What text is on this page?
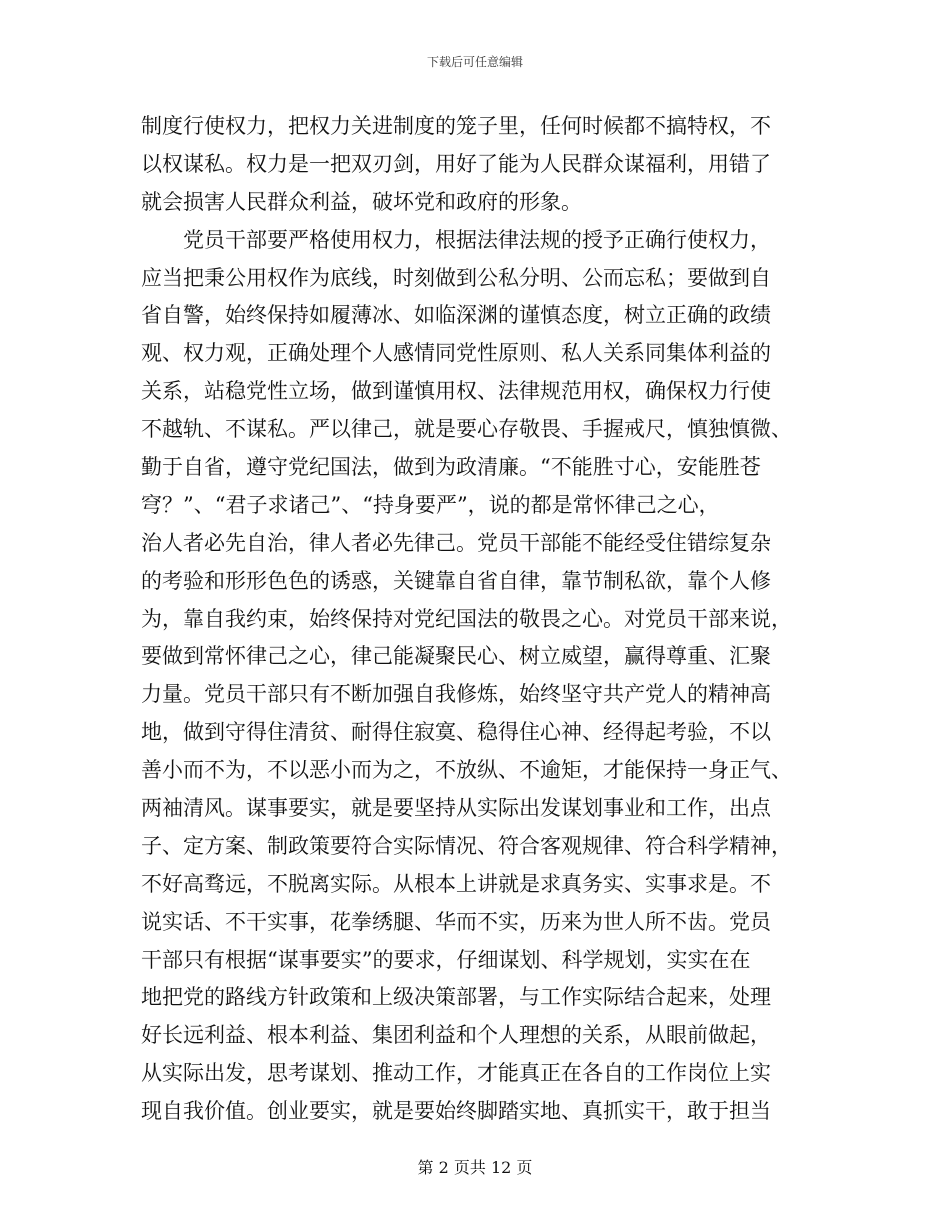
下载后可任意编辑
制度行使权力，把权力关进制度的笼子里，任何时候都不搞特权，不
以权谋私。权力是一把双刃剑，用好了能为人民群众谋福利，用错了
就会损害人民群众利益，破坏党和政府的形象。
　　党员干部要严格使用权力，根据法律法规的授予正确行使权力，
应当把秉公用权作为底线，时刻做到公私分明、公而忘私；要做到自
省自警，始终保持如履薄冰、如临深渊的谨慎态度，树立正确的政绩
观、权力观，正确处理个人感情同党性原则、私人关系同集体利益的
关系，站稳党性立场，做到谨慎用权、法律规范用权，确保权力行使
不越轨、不谋私。严以律己，就是要心存敬畏、手握戒尺，慎独慎微、
勤于自省，遵守党纪国法，做到为政清廉。“不能胜寸心，安能胜苍
穹？”、“君子求诸己”、“持身要严”，说的都是常怀律己之心，
治人者必先自治，律人者必先律己。党员干部能不能经受住错综复杂
的考验和形形色色的诱惑，关键靠自省自律，靠节制私欲，靠个人修
为，靠自我约束，始终保持对党纪国法的敬畏之心。对党员干部来说，
要做到常怀律己之心，律己能凝聚民心、树立威望，赢得尊重、汇聚
力量。党员干部只有不断加强自我修炼，始终坚守共产党人的精神高
地，做到守得住清贫、耐得住寂寞、稳得住心神、经得起考验，不以
善小而不为，不以恶小而为之，不放纵、不逾矩，才能保持一身正气、
两袖清风。谋事要实，就是要坚持从实际出发谋划事业和工作，出点
子、定方案、制政策要符合实际情况、符合客观规律、符合科学精神，
不好高骛远，不脱离实际。从根本上讲就是求真务实、实事求是。不
说实话、不干实事，花拳绣腿、华而不实，历来为世人所不齿。党员
干部只有根据“谋事要实”的要求，仔细谋划、科学规划，实实在在
地把党的路线方针政策和上级决策部署，与工作实际结合起来，处理
好长远利益、根本利益、集团利益和个人理想的关系，从眼前做起，
从实际出发，思考谋划、推动工作，才能真正在各自的工作岗位上实
现自我价值。创业要实，就是要始终脚踏实地、真抓实干，敢于担当
第 2 页共 12 页
